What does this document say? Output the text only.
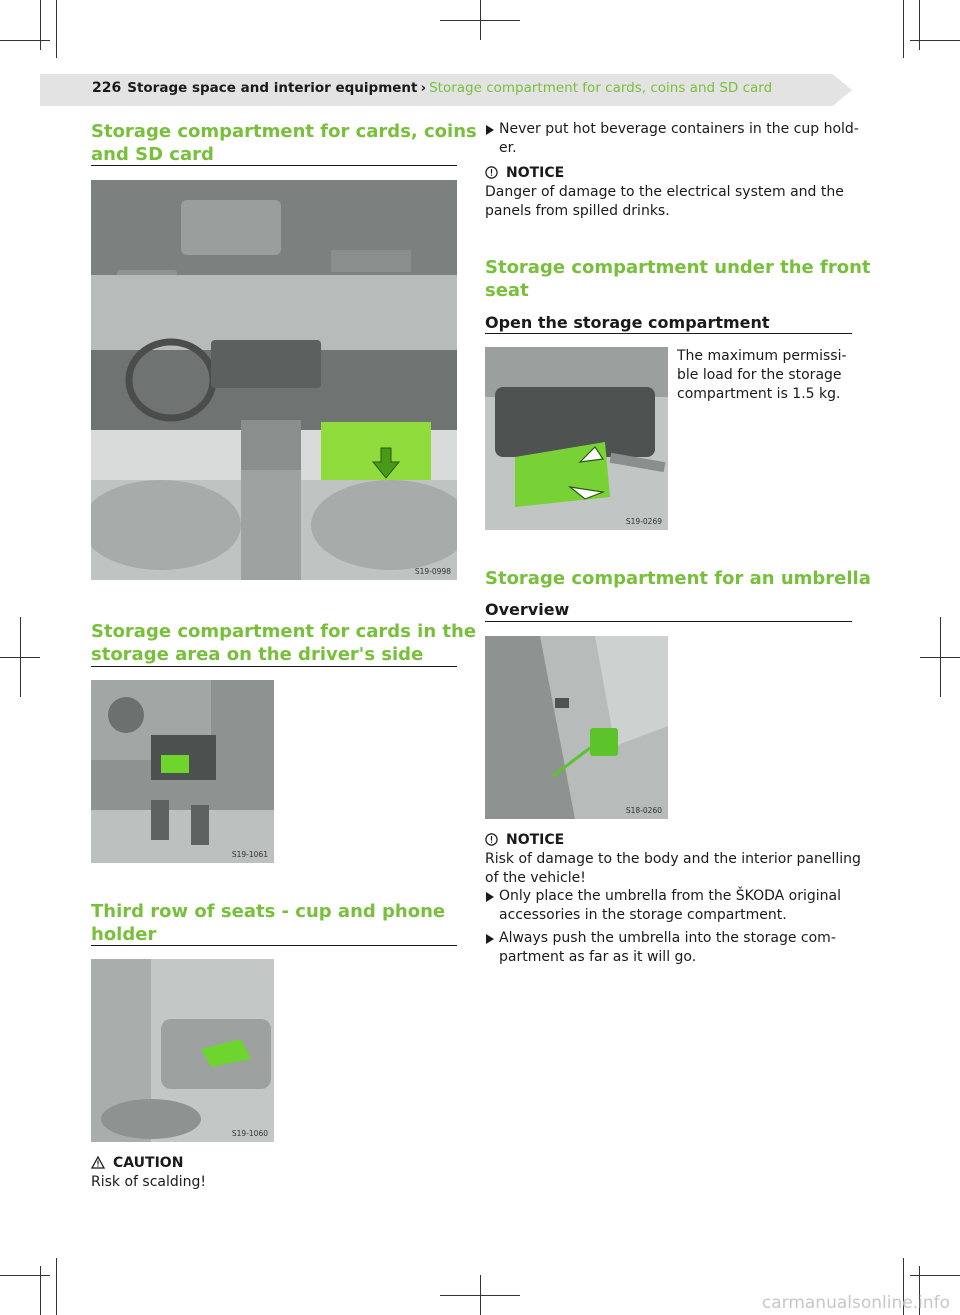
226 Storage space and interior equipment › Storage compartment for cards, coins and SD card
Storage compartment for cards, coins
and SD card
S19-0998
Storage compartment for cards in the
storage area on the driver's side
S19-1061
Third row of seats - cup and phone
holder
S19-1060
CAUTION
Risk of scalding!
Never put hot beverage containers in the cup hold-
er.
NOTICE
Danger of damage to the electrical system and the
panels from spilled drinks.
Storage compartment under the front
seat
Open the storage compartment
S19-0269
The maximum permissi-
ble load for the storage
compartment is 1.5 kg.
Storage compartment for an umbrella
Overview
S18-0260
NOTICE
Risk of damage to the body and the interior panelling
of the vehicle!
Only place the umbrella from the ŠKODA original
accessories in the storage compartment.
Always push the umbrella into the storage com-
partment as far as it will go.
carmanualsonline.info
